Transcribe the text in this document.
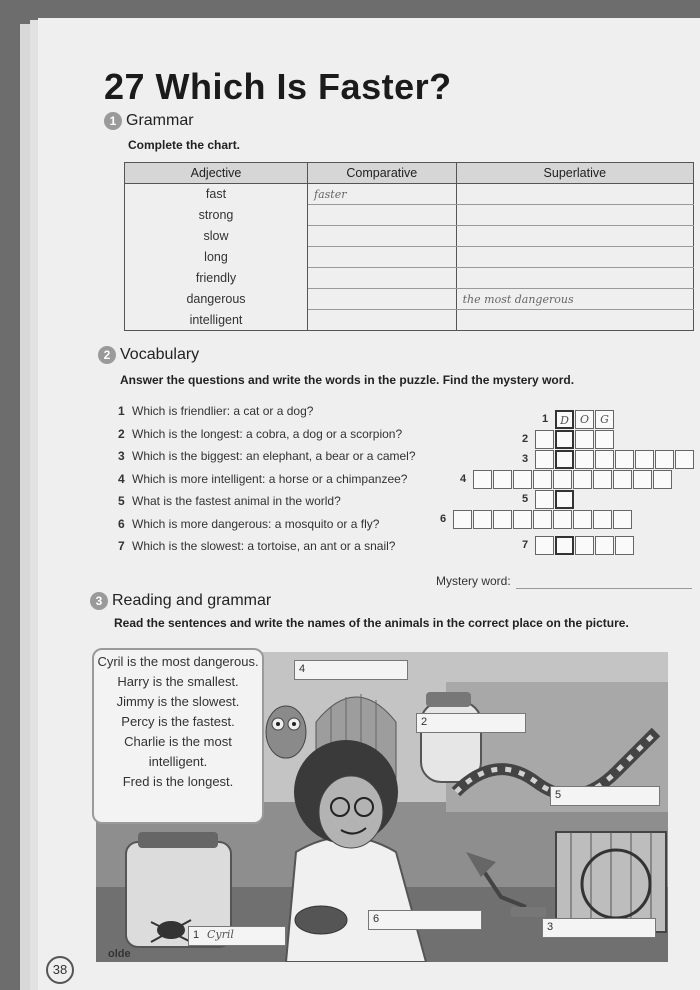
27 Which Is Faster?
1 Grammar
Complete the chart.
Adjective	Comparative	Superlative
fast	faster	
strong		
slow		
long		
friendly		
dangerous		the most dangerous
intelligent		
2 Vocabulary
Answer the questions and write the words in the puzzle. Find the mystery word.
1 Which is friendlier: a cat or a dog?
2 Which is the longest: a cobra, a dog or a scorpion?
3 Which is the biggest: an elephant, a bear or a camel?
4 Which is more intelligent: a horse or a chimpanzee?
5 What is the fastest animal in the world?
6 Which is more dangerous: a mosquito or a fly?
7 Which is the slowest: a tortoise, an ant or a snail?
1	D	O	G
2
3
4
5
6
7
Mystery word:
3 Reading and grammar
Read the sentences and write the names of the animals in the correct place on the picture.
Cyril is the most dangerous.
Harry is the smallest.
Jimmy is the slowest.
Percy is the fastest.
Charlie is the most intelligent.
Fred is the longest.
1 Cyril
2
3
4
5
6
38
olde
